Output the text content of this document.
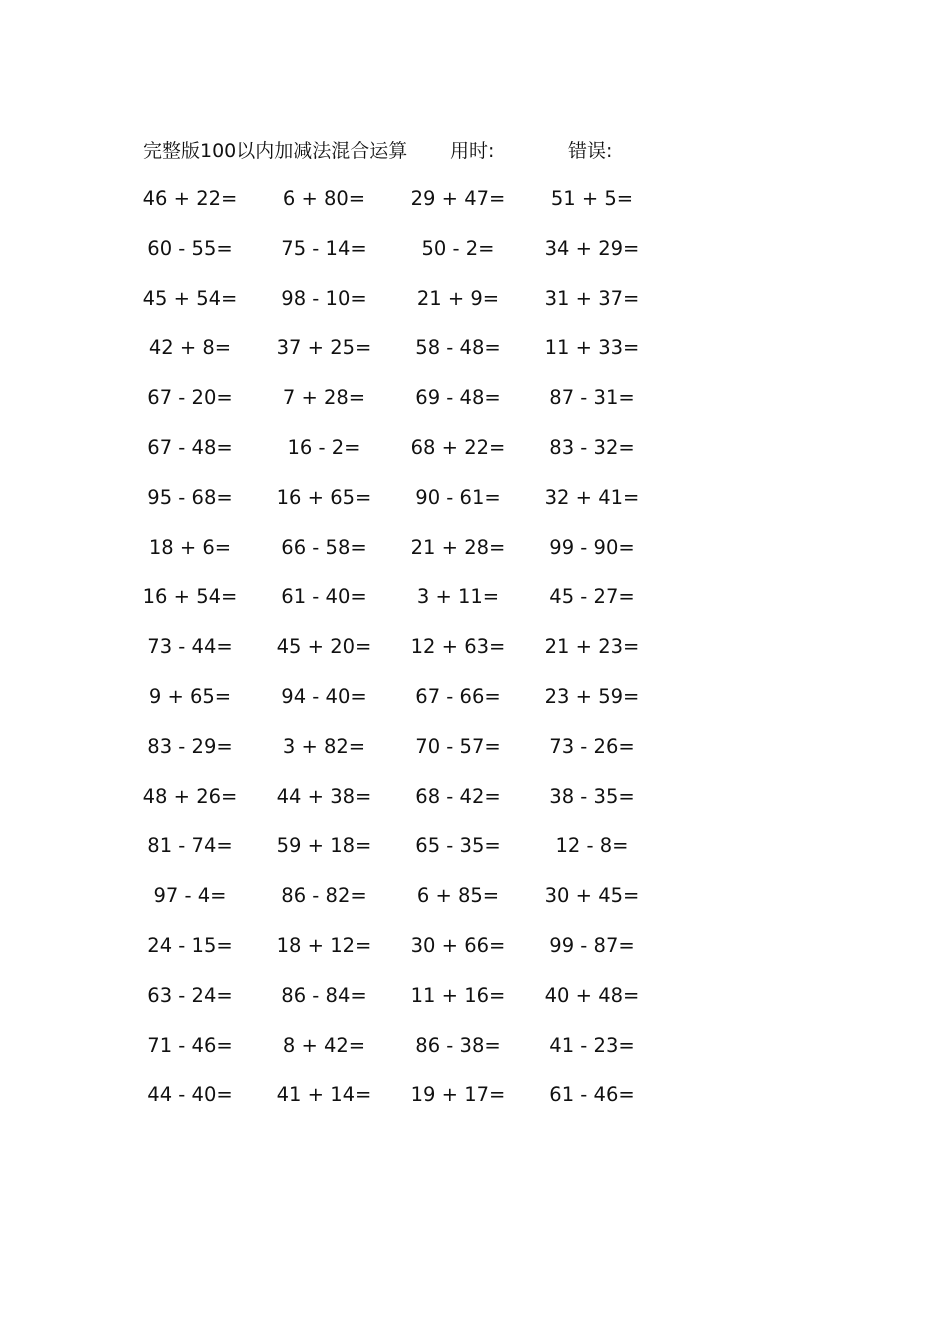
完整版100以内加减法混合运算 用时:	错误:
46 + 22=	6 + 80=	29 + 47=	51 + 5=
60 - 55=	75 - 14=	50 - 2=	34 + 29=
45 + 54=	98 - 10=	21 + 9=	31 + 37=
42 + 8=	37 + 25=	58 - 48=	11 + 33=
67 - 20=	7 + 28=	69 - 48=	87 - 31=
67 - 48=	16 - 2=	68 + 22=	83 - 32=
95 - 68=	16 + 65=	90 - 61=	32 + 41=
18 + 6=	66 - 58=	21 + 28=	99 - 90=
16 + 54=	61 - 40=	3 + 11=	45 - 27=
73 - 44=	45 + 20=	12 + 63=	21 + 23=
9 + 65=	94 - 40=	67 - 66=	23 + 59=
83 - 29=	3 + 82=	70 - 57=	73 - 26=
48 + 26=	44 + 38=	68 - 42=	38 - 35=
81 - 74=	59 + 18=	65 - 35=	12 - 8=
97 - 4=	86 - 82=	6 + 85=	30 + 45=
24 - 15=	18 + 12=	30 + 66=	99 - 87=
63 - 24=	86 - 84=	11 + 16=	40 + 48=
71 - 46=	8 + 42=	86 - 38=	41 - 23=
44 - 40=	41 + 14=	19 + 17=	61 - 46=
